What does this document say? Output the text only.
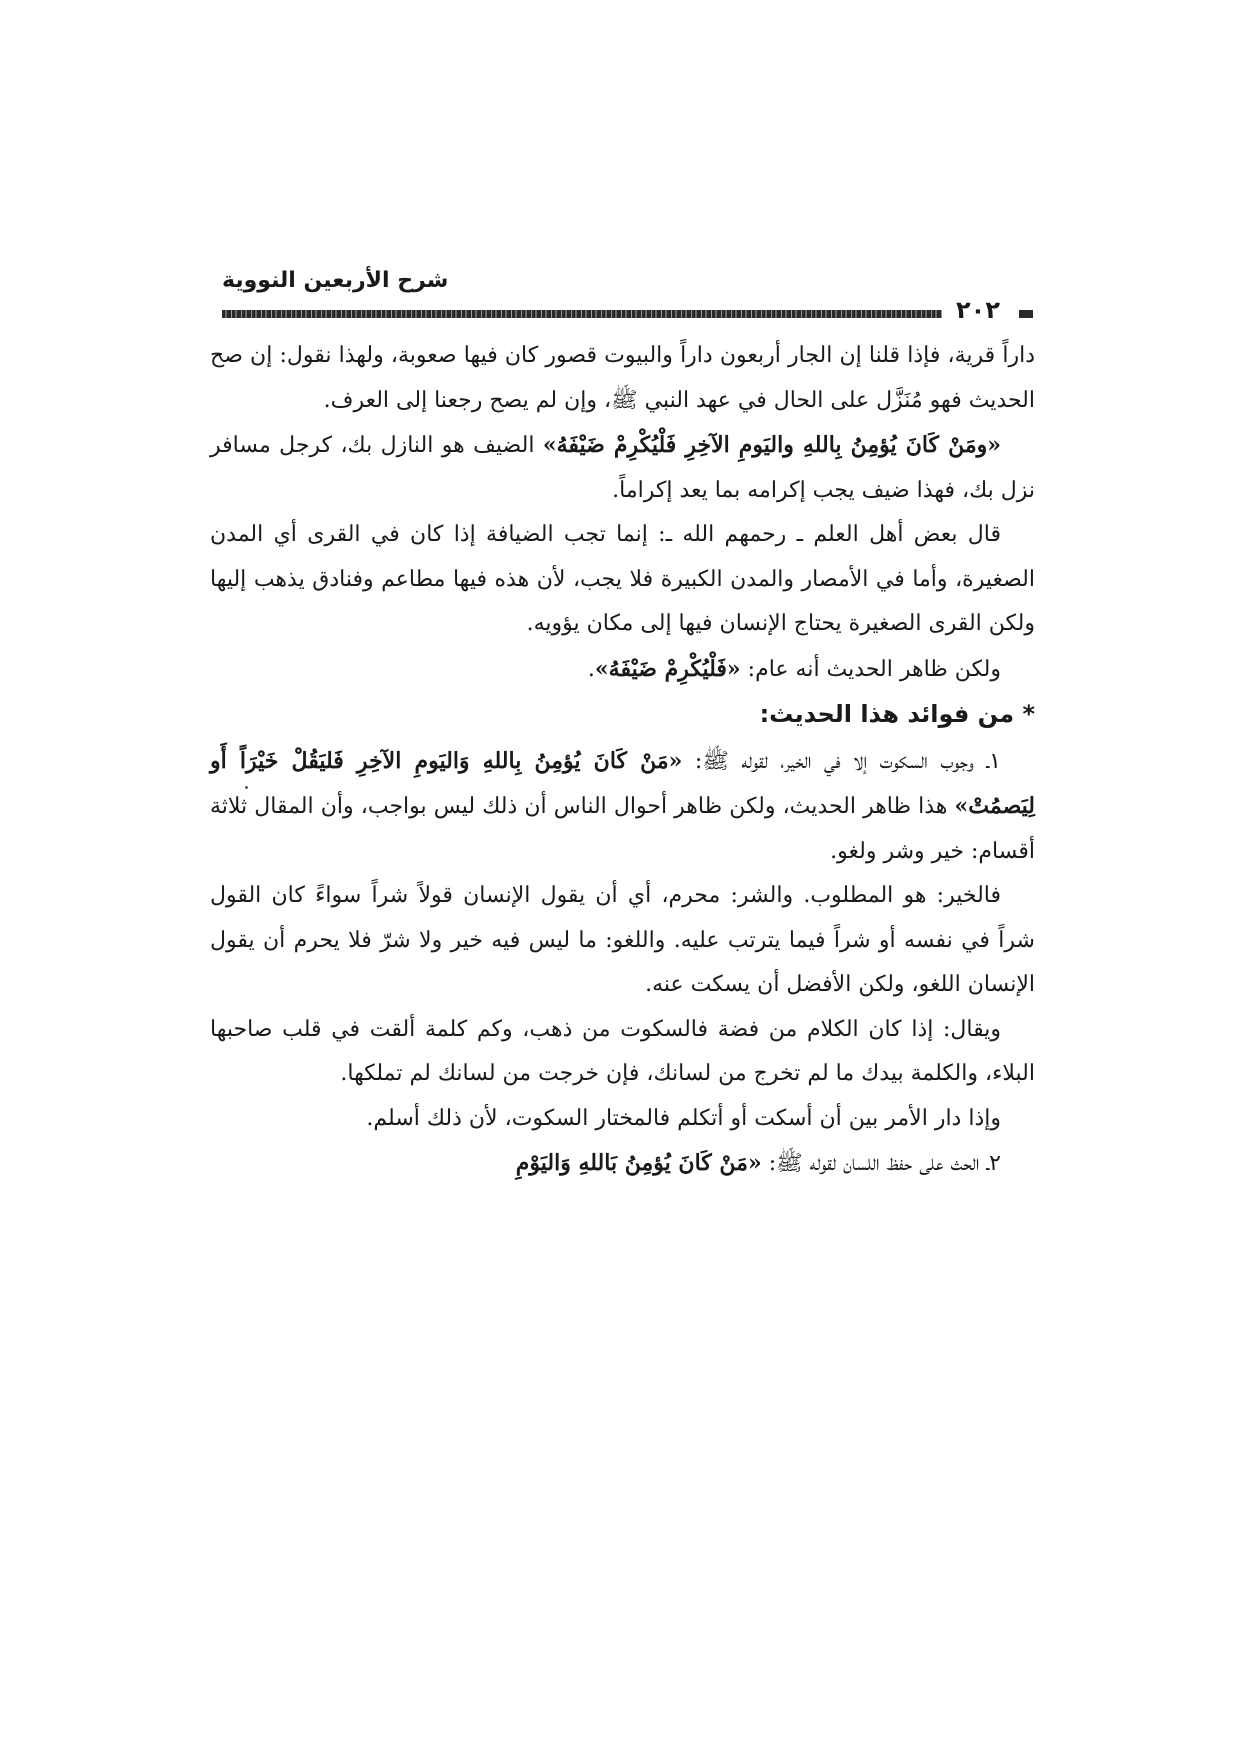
شرح الأربعين النووية
٢٠٢

داراً قرية، فإذا قلنا إن الجار أربعون داراً والبيوت قصور كان فيها صعوبة، ولهذا نقول: إن صح الحديث فهو مُنَزَّل على الحال في عهد النبي ﷺ، وإن لم يصح رجعنا إلى العرف.

«ومَنْ كَانَ يُؤمِنُ بِاللهِ واليَومِ الآخِرِ فَلْيُكْرِمْ ضَيْفَهُ» الضيف هو النازل بك، كرجل مسافر نزل بك، فهذا ضيف يجب إكرامه بما يعد إكراماً.

قال بعض أهل العلم ـ رحمهم الله ـ: إنما تجب الضيافة إذا كان في القرى أي المدن الصغيرة، وأما في الأمصار والمدن الكبيرة فلا يجب، لأن هذه فيها مطاعم وفنادق يذهب إليها ولكن القرى الصغيرة يحتاج الإنسان فيها إلى مكان يؤويه.

ولكن ظاهر الحديث أنه عام: «فَلْيُكْرِمْ ضَيْفَهُ».

* من فوائد هذا الحديث:

١ـ وجوب السكوت إلا في الخير، لقوله ﷺ: «مَنْ كَانَ يُؤمِنُ بِاللهِ وَاليَومِ الآخِرِ فَليَقُلْ خَيْرَاً أَو لِيَصمُتْ» هذا ظاهر الحديث، ولكن ظاهر أحوال الناس أن ذلك ليس بواجب، وأن المقال ثلاثة أقسام: خير وشر ولغو.

فالخير: هو المطلوب. والشر: محرم، أي أن يقول الإنسان قولاً شراً سواءً كان القول شراً في نفسه أو شراً فيما يترتب عليه. واللغو: ما ليس فيه خير ولا شرّ فلا يحرم أن يقول الإنسان اللغو، ولكن الأفضل أن يسكت عنه.

ويقال: إذا كان الكلام من فضة فالسكوت من ذهب، وكم كلمة ألقت في قلب صاحبها البلاء، والكلمة بيدك ما لم تخرج من لسانك، فإن خرجت من لسانك لم تملكها.

وإذا دار الأمر بين أن أسكت أو أتكلم فالمختار السكوت، لأن ذلك أسلم.

٢ـ الحث على حفظ اللسان لقوله ﷺ: «مَنْ كَانَ يُؤمِنُ بَاللهِ وَاليَوْمِ
